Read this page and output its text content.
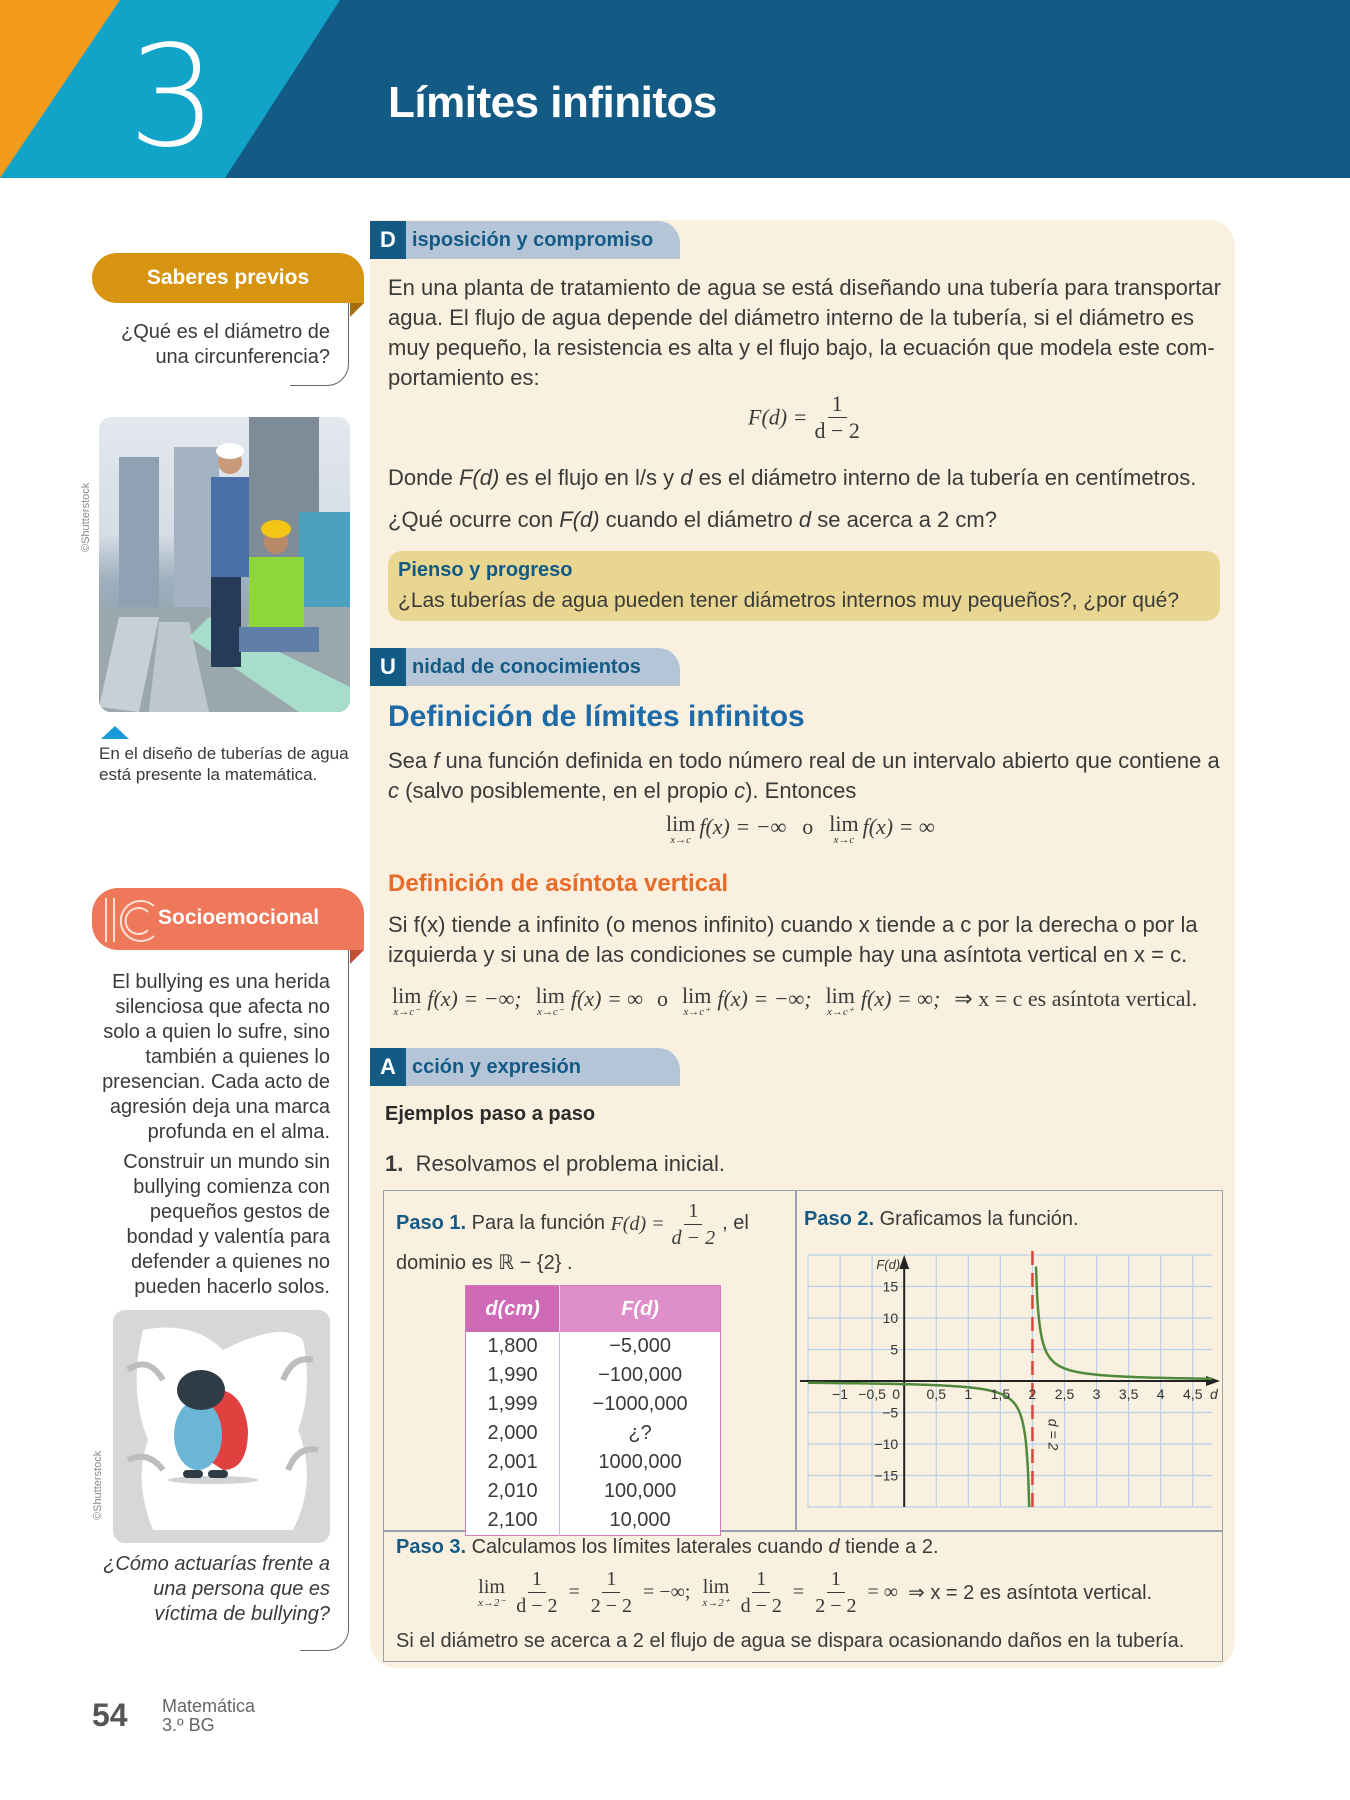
3	Límites infinitos
D isposición y compromiso
En una planta de tratamiento de agua se está diseñando una tubería para transportar agua. El flujo de agua depende del diámetro interno de la tubería, si el diámetro es muy pequeño, la resistencia es alta y el flujo bajo, la ecuación que modela este com-portamiento es:
$F(d) = \frac{1}{d - 2}$
Donde F(d) es el flujo en l/s y d es el diámetro interno de la tubería en centímetros.
¿Qué ocurre con F(d) cuando el diámetro d se acerca a 2 cm?
Pienso y progreso
¿Las tuberías de agua pueden tener diámetros internos muy pequeños?, ¿por qué?
U nidad de conocimientos
Definición de límites infinitos
Sea f una función definida en todo número real de un intervalo abierto que contiene a c (salvo posiblemente, en el propio c). Entonces
lim
x→c
f(x) = −∞ o lim
x→c
f(x) = ∞
Definición de asíntota vertical
Si f(x) tiende a infinito (o menos infinito) cuando x tiende a c por la derecha o por la izquierda y si una de las condiciones se cumple hay una asíntota vertical en x = c.
lim
x→c⁻
f(x) = −∞; lim
x→c⁻
f(x) = ∞ o lim
x→c⁺
f(x) = −∞; lim
x→c⁺
f(x) = ∞; ⇒ x = c es asíntota vertical.
A cción y expresión
Ejemplos paso a paso
1. Resolvamos el problema inicial.
Paso 1. Para la función $F(d) = \frac{1}{d - 2}$ , el
dominio es ℝ − {2} .
d(cm)	F(d)
1,800	−5,000
1,990	−100,000
1,999	−1000,000
2,000	¿?
2,001	1000,000
2,010	100,000
2,100	10,000
Paso 2. Graficamos la función.
d = 2
−1 −0,5 0 0,5 1 1,5 2 2,5 3 3,5 4 4,5 d
−15
−10
−5
5
10
15
F(d)
Paso 3. Calculamos los límites laterales cuando d tiende a 2.
lim
$x\to 2^- \frac{1}{d - 2} = \frac{1}{2 - 2}$ = −∞; lim
$x\to 2^+ \frac{1}{d - 2} = \frac{1}{2 - 2}$ = ∞ ⇒ x = 2 es asíntota vertical.
Si el diámetro se acerca a 2 el flujo de agua se dispara ocasionando daños en la tubería.
Saberes previos
¿Qué es el diámetro de una circunferencia?
©Shutterstock
En el diseño de tuberías de agua está presente la matemática.
Socioemocional
El bullying es una herida silenciosa que afecta no solo a quien lo sufre, sino también a quienes lo presencian. Cada acto de agresión deja una marca profunda en el alma.
Construir un mundo sin bullying comienza con pequeños gestos de bondad y valentía para defender a quienes no pueden hacerlo solos.
©Shutterstock
¿Cómo actuarías frente a una persona que es víctima de bullying?
54 Matemática
3.º BG
